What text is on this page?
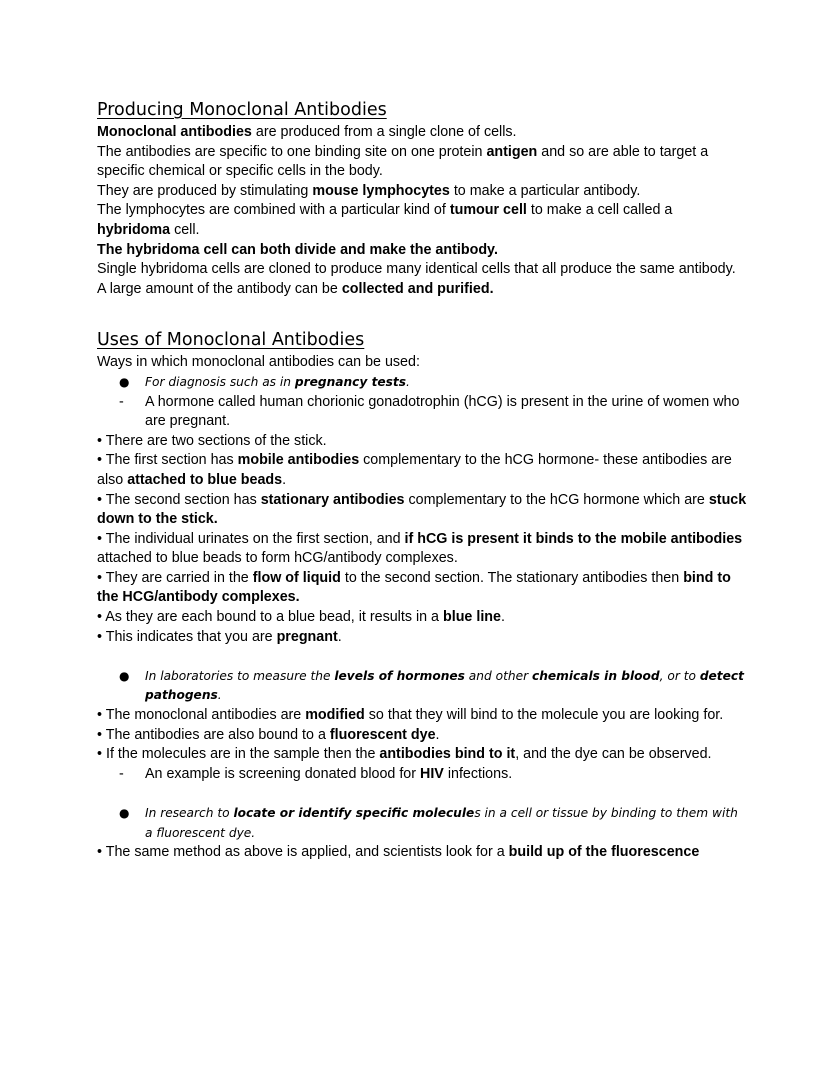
Producing Monoclonal Antibodies

Monoclonal antibodies are produced from a single clone of cells.

The antibodies are specific to one binding site on one protein antigen and so are able to target a specific chemical or specific cells in the body.

They are produced by stimulating mouse lymphocytes to make a particular antibody.

The lymphocytes are combined with a particular kind of tumour cell to make a cell called a hybridoma cell.

The hybridoma cell can both divide and make the antibody.

Single hybridoma cells are cloned to produce many identical cells that all produce the same antibody.

A large amount of the antibody can be collected and purified.

Uses of Monoclonal Antibodies

Ways in which monoclonal antibodies can be used:

● For diagnosis such as in pregnancy tests.
- A hormone called human chorionic gonadotrophin (hCG) is present in the urine of women who are pregnant.

• There are two sections of the stick.

• The first section has mobile antibodies complementary to the hCG hormone- these antibodies are also attached to blue beads.

• The second section has stationary antibodies complementary to the hCG hormone which are stuck down to the stick.

• The individual urinates on the first section, and if hCG is present it binds to the mobile antibodies attached to blue beads to form hCG/antibody complexes.

• They are carried in the flow of liquid to the second section. The stationary antibodies then bind to the HCG/antibody complexes.

• As they are each bound to a blue bead, it results in a blue line.

• This indicates that you are pregnant.

● In laboratories to measure the levels of hormones and other chemicals in blood, or to detect pathogens.

• The monoclonal antibodies are modified so that they will bind to the molecule you are looking for.

• The antibodies are also bound to a fluorescent dye.

• If the molecules are in the sample then the antibodies bind to it, and the dye can be observed.

- An example is screening donated blood for HIV infections.
● In research to locate or identify specific molecules in a cell or tissue by binding to them with a fluorescent dye.

• The same method as above is applied, and scientists look for a build up of the fluorescence
